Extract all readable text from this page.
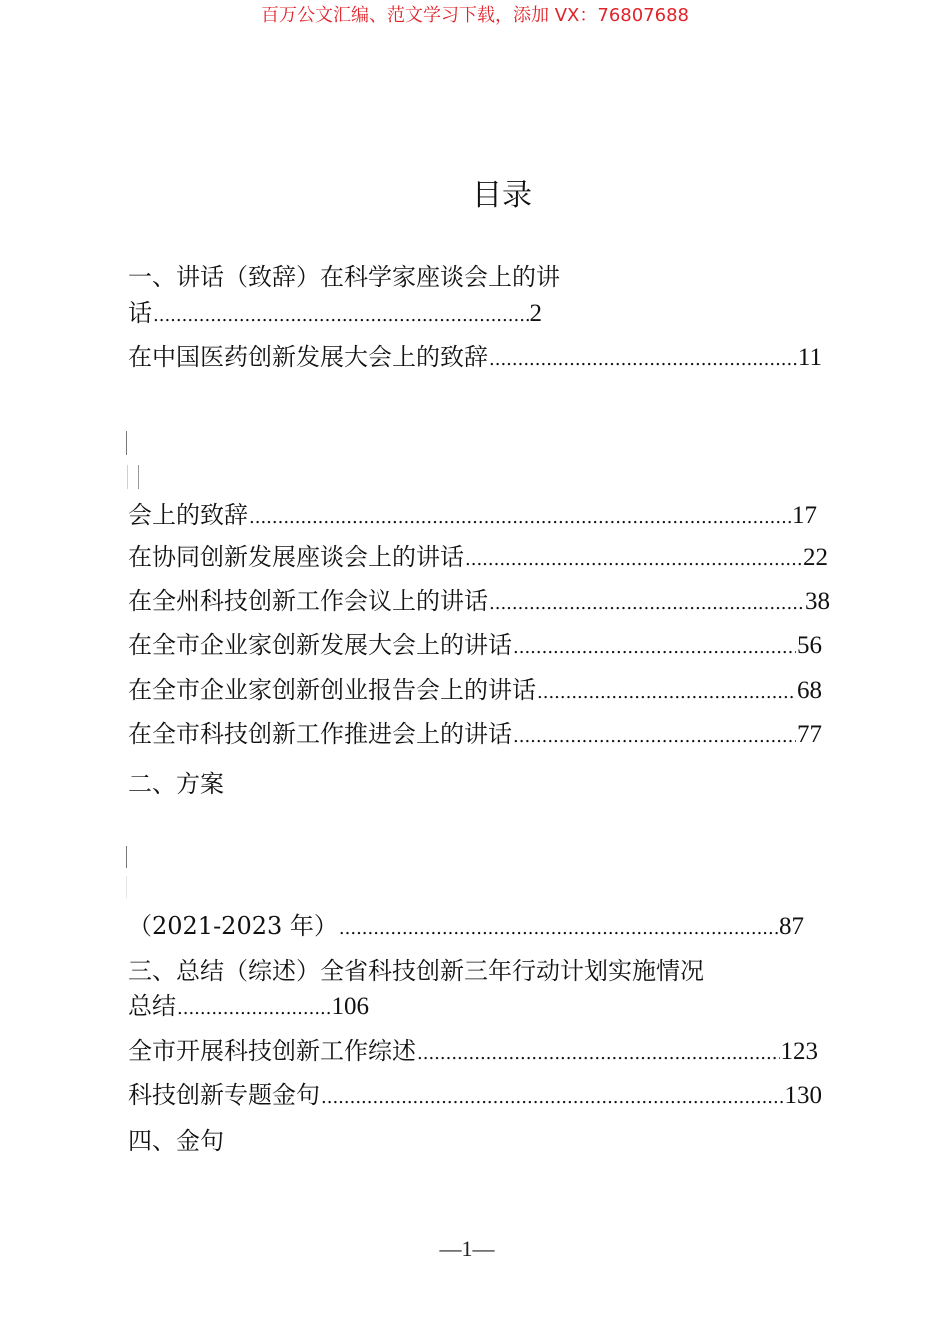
百万公文汇编、范文学习下载，添加 VX：76807688
目录
一、讲话（致辞）在科学家座谈会上的讲
话 .....	2
在中国医药创新发展大会上的致辞 .....	11
会上的致辞 .....	17
在协同创新发展座谈会上的讲话 .....	22
在全州科技创新工作会议上的讲话 .....	38
在全市企业家创新发展大会上的讲话 .....	56
在全市企业家创新创业报告会上的讲话 .....	68
在全市科技创新工作推进会上的讲话 .....	77
二、方案
（2021-2023 年） .....	87
三、总结（综述）全省科技创新三年行动计划实施情况
总结 .....	106
全市开展科技创新工作综述 .....	123
科技创新专题金句 .....	130
四、金句
—1—
